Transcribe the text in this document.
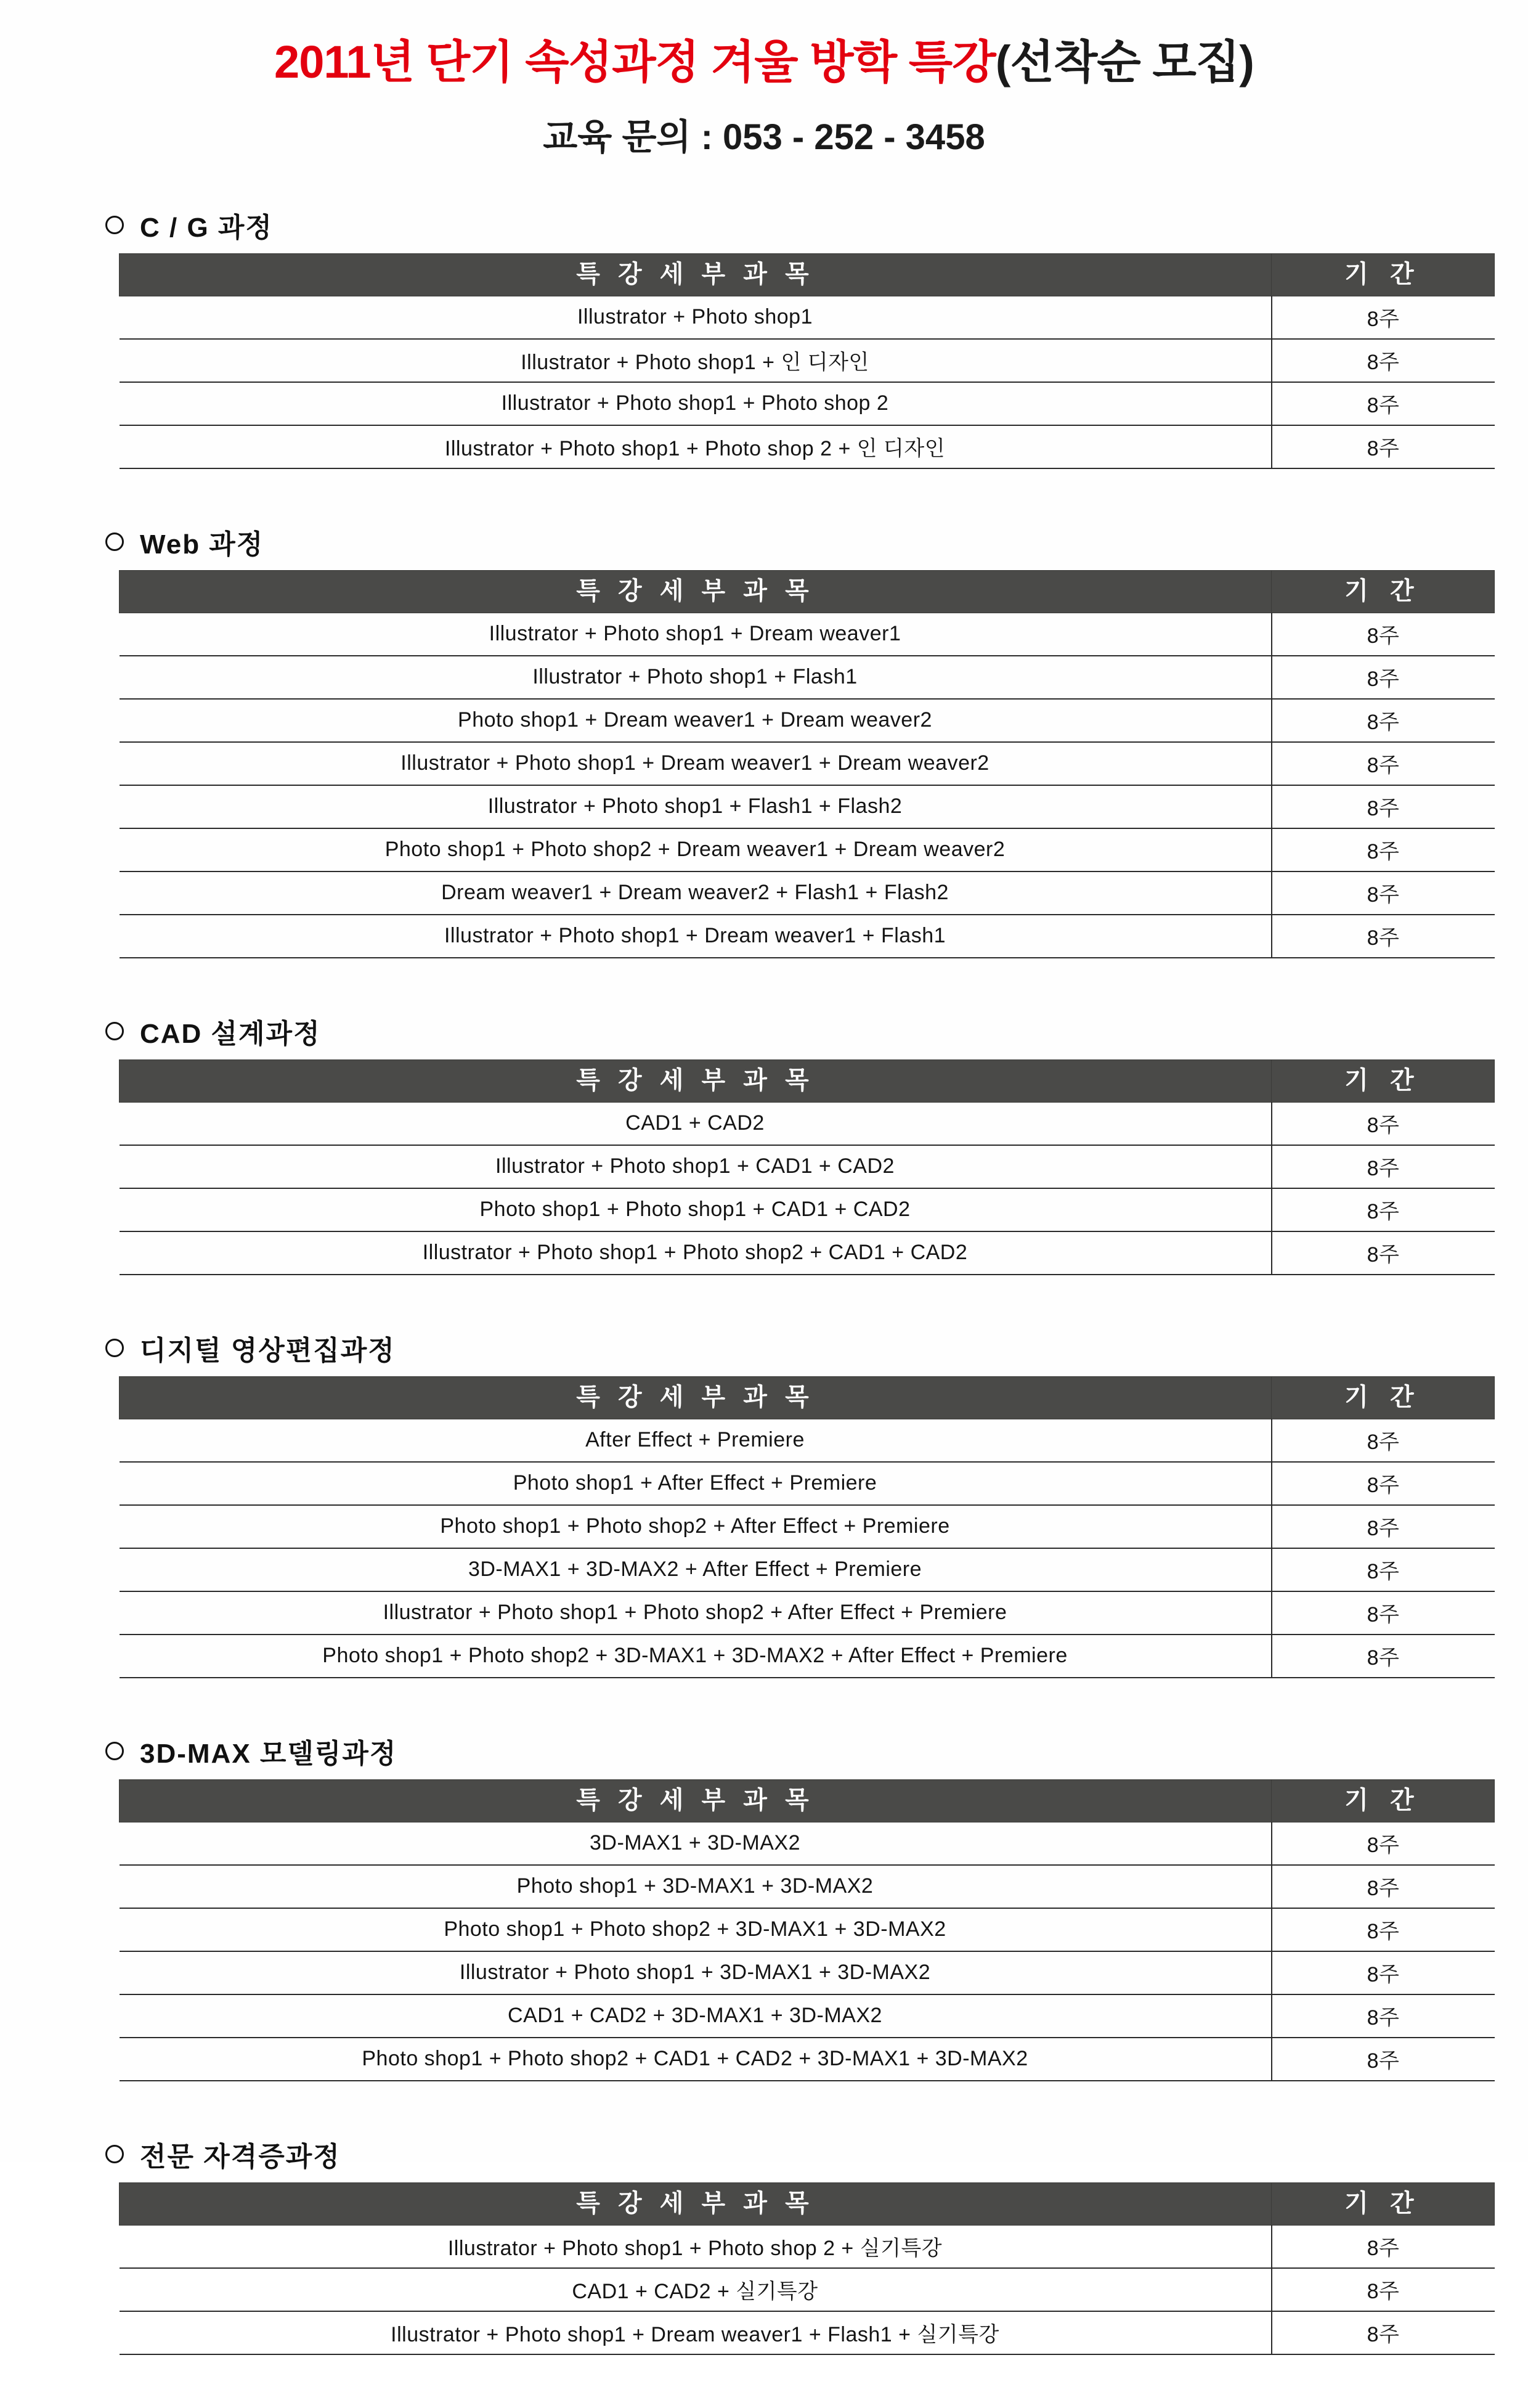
2011년 단기 속성과정 겨울 방학 특강(선착순 모집)
교육 문의 : 053 - 252 - 3458
C / G 과정
특 강 세 부 과 목	기 간
Illustrator + Photo shop1	8주
Illustrator + Photo shop1 + 인 디자인	8주
Illustrator + Photo shop1 + Photo shop 2	8주
Illustrator + Photo shop1 + Photo shop 2 + 인 디자인	8주
Web 과정
특 강 세 부 과 목	기 간
Illustrator + Photo shop1 + Dream weaver1	8주
Illustrator + Photo shop1 + Flash1	8주
Photo shop1 + Dream weaver1 + Dream weaver2	8주
Illustrator + Photo shop1 + Dream weaver1 + Dream weaver2	8주
Illustrator + Photo shop1 + Flash1 + Flash2	8주
Photo shop1 + Photo shop2 + Dream weaver1 + Dream weaver2	8주
Dream weaver1 + Dream weaver2 + Flash1 + Flash2	8주
Illustrator + Photo shop1 + Dream weaver1 + Flash1	8주
CAD 설계과정
특 강 세 부 과 목	기 간
CAD1 + CAD2	8주
Illustrator + Photo shop1 + CAD1 + CAD2	8주
Photo shop1 + Photo shop1 + CAD1 + CAD2	8주
Illustrator + Photo shop1 + Photo shop2 + CAD1 + CAD2	8주
디지털 영상편집과정
특 강 세 부 과 목	기 간
After Effect + Premiere	8주
Photo shop1 + After Effect + Premiere	8주
Photo shop1 + Photo shop2 + After Effect + Premiere	8주
3D-MAX1 + 3D-MAX2 + After Effect + Premiere	8주
Illustrator + Photo shop1 + Photo shop2 + After Effect + Premiere	8주
Photo shop1 + Photo shop2 + 3D-MAX1 + 3D-MAX2 + After Effect + Premiere	8주
3D-MAX 모델링과정
특 강 세 부 과 목	기 간
3D-MAX1 + 3D-MAX2	8주
Photo shop1 + 3D-MAX1 + 3D-MAX2	8주
Photo shop1 + Photo shop2 + 3D-MAX1 + 3D-MAX2	8주
Illustrator + Photo shop1 + 3D-MAX1 + 3D-MAX2	8주
CAD1 + CAD2 + 3D-MAX1 + 3D-MAX2	8주
Photo shop1 + Photo shop2 + CAD1 + CAD2 + 3D-MAX1 + 3D-MAX2	8주
전문 자격증과정
특 강 세 부 과 목	기 간
Illustrator + Photo shop1 + Photo shop 2 + 실기특강	8주
CAD1 + CAD2 + 실기특강	8주
Illustrator + Photo shop1 + Dream weaver1 + Flash1 + 실기특강	8주
